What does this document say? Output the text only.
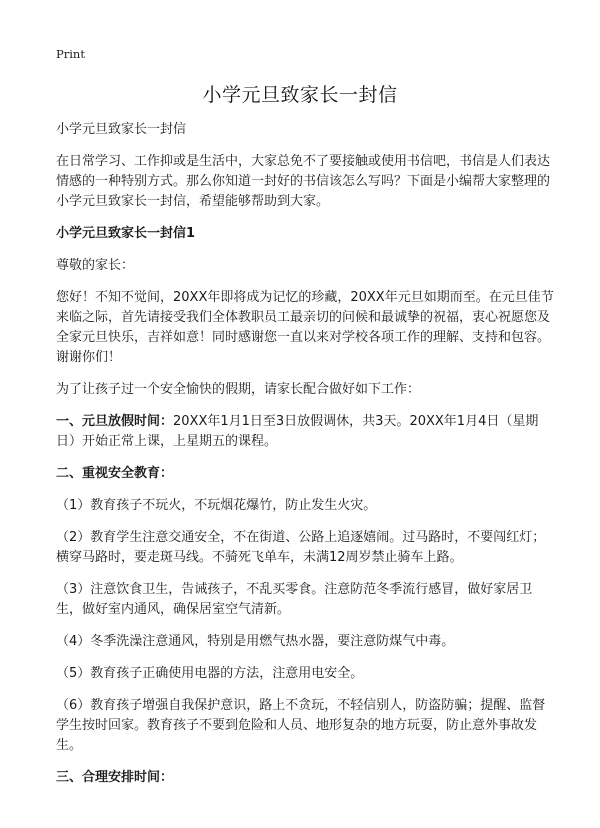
Print
小学元旦致家长一封信

小学元旦致家长一封信

在日常学习、工作抑或是生活中，大家总免不了要接触或使用书信吧，书信是人们表达情感的一种特别方式。那么你知道一封好的书信该怎么写吗？下面是小编帮大家整理的小学元旦致家长一封信，希望能够帮助到大家。

小学元旦致家长一封信1

尊敬的家长：

您好！不知不觉间，20XX年即将成为记忆的珍藏，20XX年元旦如期而至。在元旦佳节来临之际，首先请接受我们全体教职员工最亲切的问候和最诚挚的祝福，衷心祝愿您及全家元旦快乐，吉祥如意！同时感谢您一直以来对学校各项工作的理解、支持和包容。谢谢你们！

为了让孩子过一个安全愉快的假期，请家长配合做好如下工作：

一、元旦放假时间：20XX年1月1日至3日放假调休，共3天。20XX年1月4日（星期日）开始正常上课，上星期五的课程。

二、重视安全教育：

（1）教育孩子不玩火，不玩烟花爆竹，防止发生火灾。

（2）教育学生注意交通安全，不在街道、公路上追逐嬉闹。过马路时，不要闯红灯；横穿马路时，要走斑马线。不骑死飞单车，未满12周岁禁止骑车上路。

（3）注意饮食卫生，告诫孩子，不乱买零食。注意防范冬季流行感冒，做好家居卫生，做好室内通风，确保居室空气清新。

（4）冬季洗澡注意通风，特别是用燃气热水器，要注意防煤气中毒。

（5）教育孩子正确使用电器的方法，注意用电安全。

（6）教育孩子增强自我保护意识，路上不贪玩，不轻信别人，防盗防骗；提醒、监督学生按时回家。教育孩子不要到危险和人员、地形复杂的地方玩耍，防止意外事故发生。

三、合理安排时间：
